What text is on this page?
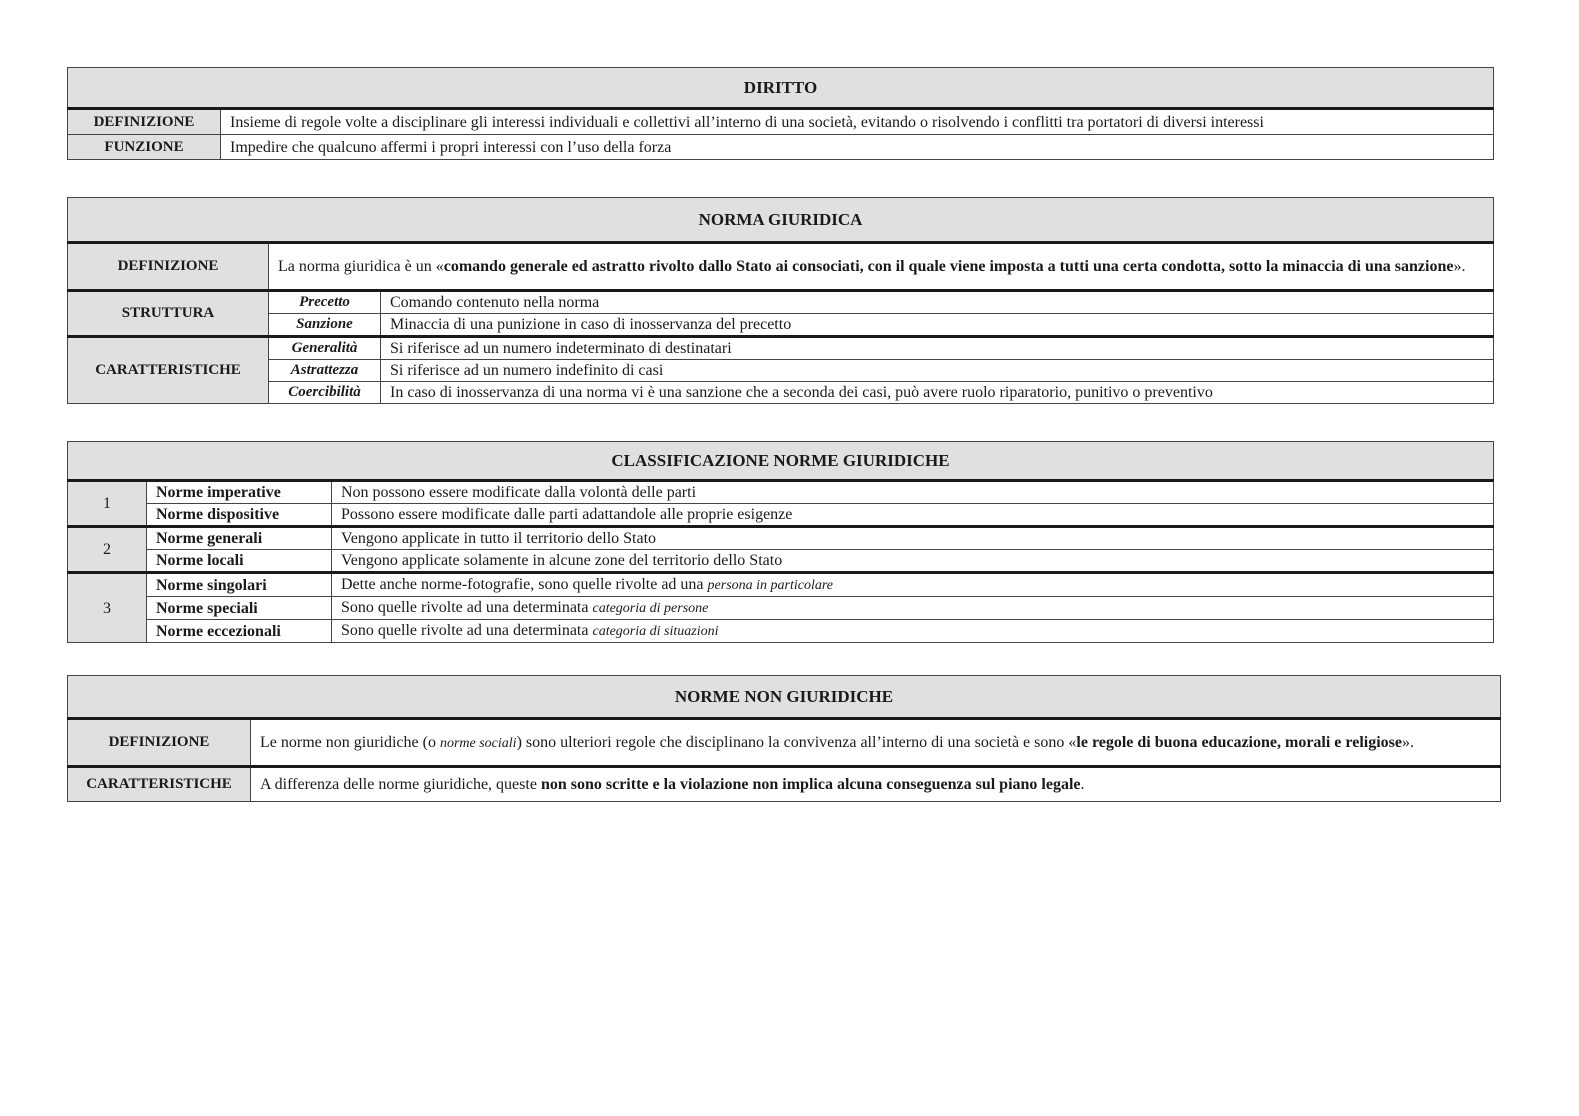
DIRITTO	
DEFINIZIONE	Insieme di regole volte a disciplinare gli interessi individuali e collettivi all’interno di una società, evitando o risolvendo i conflitti tra portatori di diversi interessi
FUNZIONE	Impedire che qualcuno affermi i propri interessi con l’uso della forza
NORMA GIURIDICA		
DEFINIZIONE	La norma giuridica è un «comando generale ed astratto rivolto dallo Stato ai consociati, con il quale viene imposta a tutti una certa condotta, sotto la minaccia di una sanzione».	
STRUTTURA	Precetto	Comando contenuto nella norma
	Sanzione	Minaccia di una punizione in caso di inosservanza del precetto
CARATTERISTICHE	Generalità	Si riferisce ad un numero indeterminato di destinatari
	Astrattezza	Si riferisce ad un numero indefinito di casi
	Coercibilità	In caso di inosservanza di una norma vi è una sanzione che a seconda dei casi, può avere ruolo riparatorio, punitivo o preventivo
CLASSIFICAZIONE NORME GIURIDICHE		
1	Norme imperative	Non possono essere modificate dalla volontà delle parti
	Norme dispositive	Possono essere modificate dalle parti adattandole alle proprie esigenze
2	Norme generali	Vengono applicate in tutto il territorio dello Stato
	Norme locali	Vengono applicate solamente in alcune zone del territorio dello Stato
3	Norme singolari	Dette anche norme-fotografie, sono quelle rivolte ad una persona in particolare
	Norme speciali	Sono quelle rivolte ad una determinata categoria di persone
	Norme eccezionali	Sono quelle rivolte ad una determinata categoria di situazioni
NORME NON GIURIDICHE	
DEFINIZIONE	Le norme non giuridiche (o norme sociali) sono ulteriori regole che disciplinano la convivenza all’interno di una società e sono «le regole di buona educazione, morali e religiose».
CARATTERISTICHE	A differenza delle norme giuridiche, queste non sono scritte e la violazione non implica alcuna conseguenza sul piano legale.
